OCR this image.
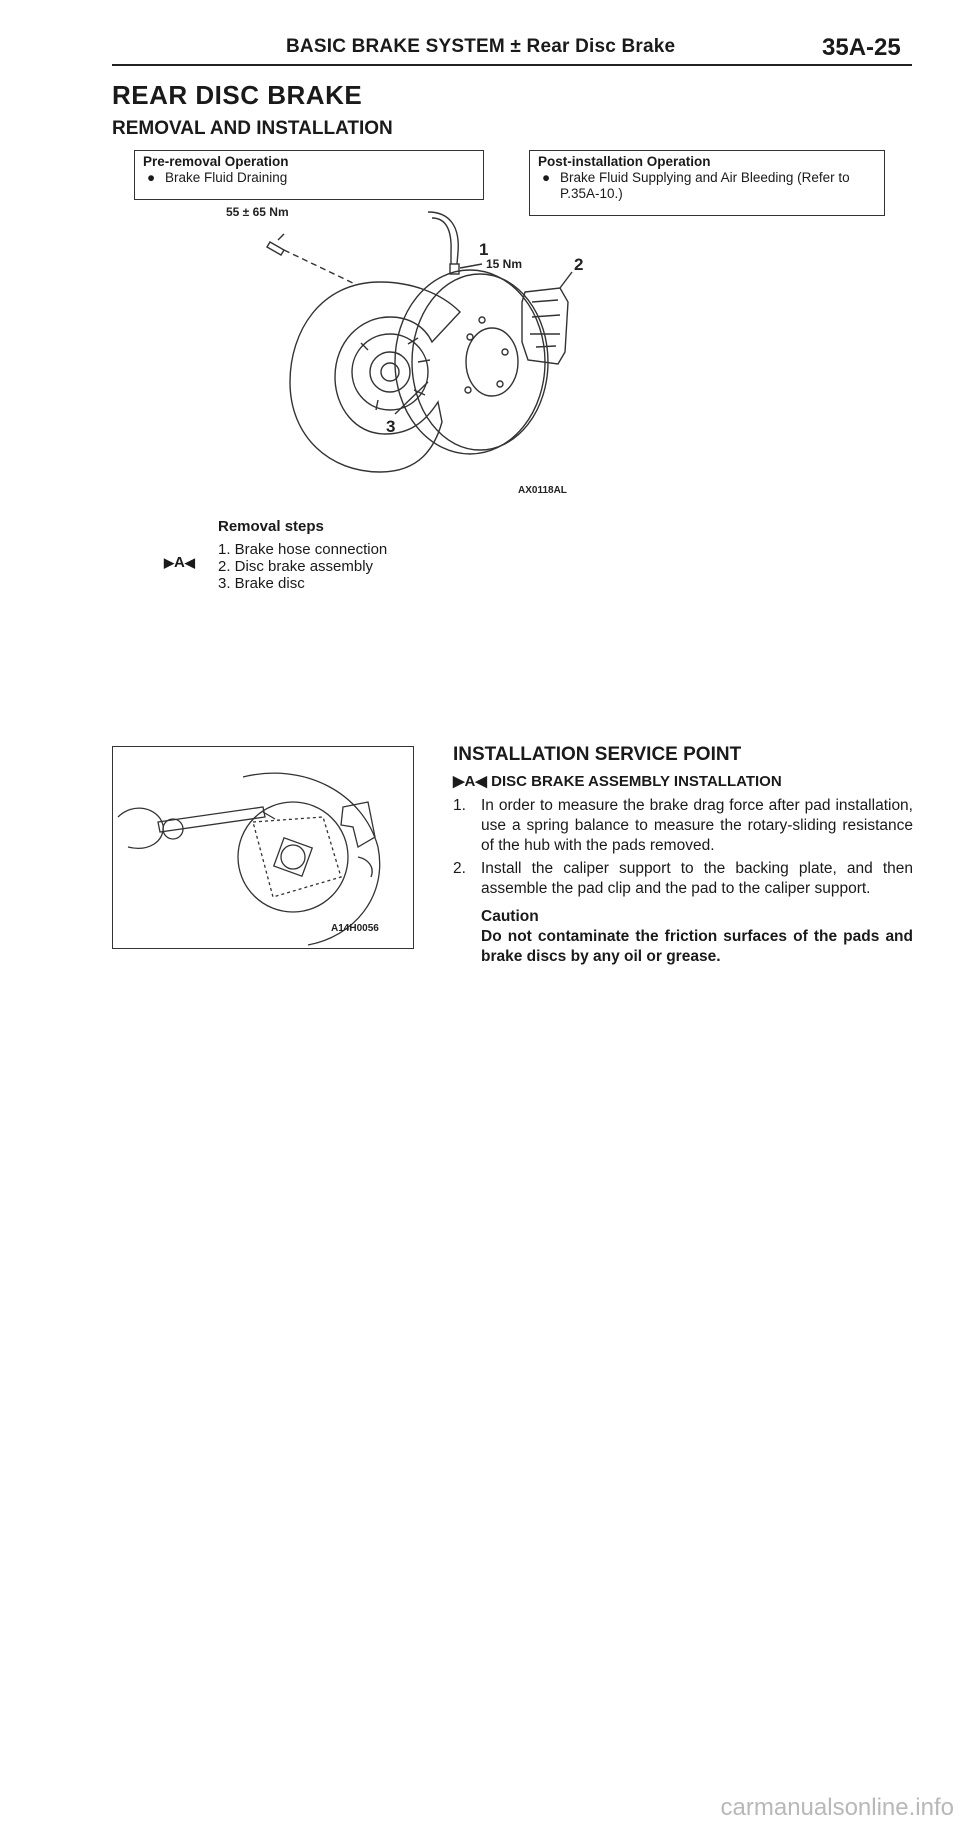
BASIC BRAKE SYSTEM ± Rear Disc Brake	35A-25
REAR DISC BRAKE
REMOVAL AND INSTALLATION
Pre-removal Operation
● Brake Fluid Draining
Post-installation Operation
● Brake Fluid Supplying and Air Bleeding (Refer to P.35A-10.)
55 ± 65 Nm
15 Nm
1
2
3
AX0118AL
Removal steps
1. Brake hose connection
2. Disc brake assembly
3. Brake disc
▶A◀
A14H0056
INSTALLATION SERVICE POINT
▶A◀ DISC BRAKE ASSEMBLY INSTALLATION
1. In order to measure the brake drag force after pad installation, use a spring balance to measure the rotary-sliding resistance of the hub with the pads removed.
2. Install the caliper support to the backing plate, and then assemble the pad clip and the pad to the caliper support.
Caution
Do not contaminate the friction surfaces of the pads and brake discs by any oil or grease.
carmanualsonline.info
